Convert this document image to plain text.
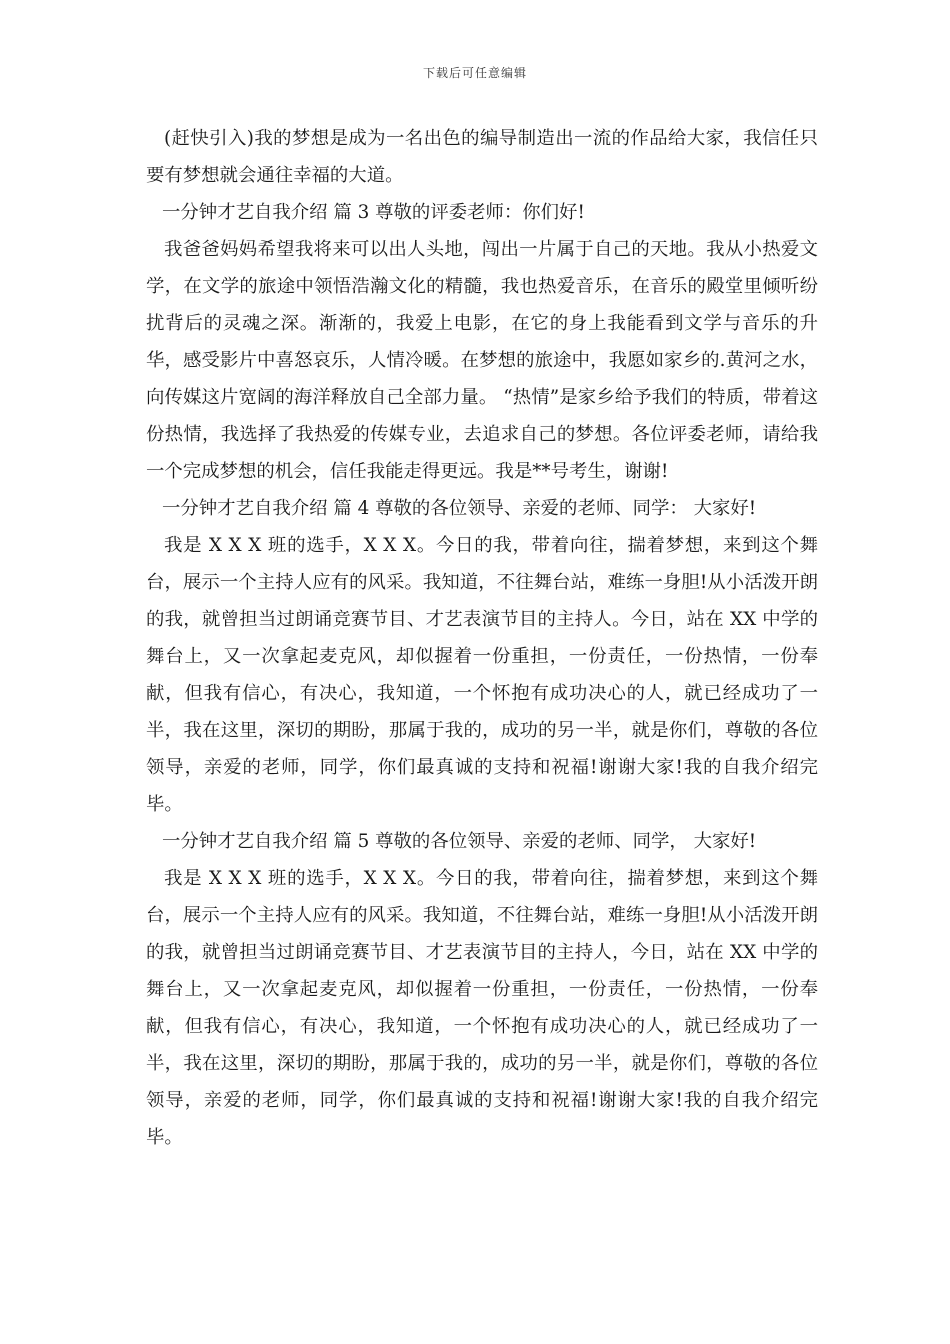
下载后可任意编辑

(赶快引入)我的梦想是成为一名出色的编导制造出一流的作品给大家，我信任只要有梦想就会通往幸福的大道。

一分钟才艺自我介绍 篇 3 尊敬的评委老师：你们好!

我爸爸妈妈希望我将来可以出人头地，闯出一片属于自己的天地。我从小热爱文学，在文学的旅途中领悟浩瀚文化的精髓，我也热爱音乐，在音乐的殿堂里倾听纷扰背后的灵魂之深。渐渐的，我爱上电影，在它的身上我能看到文学与音乐的升华，感受影片中喜怒哀乐，人情冷暖。在梦想的旅途中，我愿如家乡的.黄河之水，向传媒这片宽阔的海洋释放自己全部力量。 “热情”是家乡给予我们的特质，带着这份热情，我选择了我热爱的传媒专业，去追求自己的梦想。各位评委老师，请给我一个完成梦想的机会，信任我能走得更远。我是**号考生，谢谢!

一分钟才艺自我介绍 篇 4 尊敬的各位领导、亲爱的老师、同学： 大家好!

我是 X X X 班的选手，X X X。今日的我，带着向往，揣着梦想，来到这个舞台，展示一个主持人应有的风采。我知道，不往舞台站，难练一身胆!从小活泼开朗的我，就曾担当过朗诵竞赛节目、才艺表演节目的主持人。今日，站在 XX 中学的舞台上，又一次拿起麦克风，却似握着一份重担，一份责任，一份热情，一份奉献，但我有信心，有决心，我知道，一个怀抱有成功决心的人，就已经成功了一半，我在这里，深切的期盼，那属于我的，成功的另一半，就是你们，尊敬的各位领导，亲爱的老师，同学，你们最真诚的支持和祝福!谢谢大家!我的自我介绍完毕。

一分钟才艺自我介绍 篇 5 尊敬的各位领导、亲爱的老师、同学， 大家好!

我是 X X X 班的选手，X X X。今日的我，带着向往，揣着梦想，来到这个舞台，展示一个主持人应有的风采。我知道，不往舞台站，难练一身胆!从小活泼开朗的我，就曾担当过朗诵竞赛节目、才艺表演节目的主持人，今日，站在 XX 中学的舞台上，又一次拿起麦克风，却似握着一份重担，一份责任，一份热情，一份奉献，但我有信心，有决心，我知道，一个怀抱有成功决心的人，就已经成功了一半，我在这里，深切的期盼，那属于我的，成功的另一半，就是你们，尊敬的各位领导，亲爱的老师，同学，你们最真诚的支持和祝福!谢谢大家!我的自我介绍完毕。
